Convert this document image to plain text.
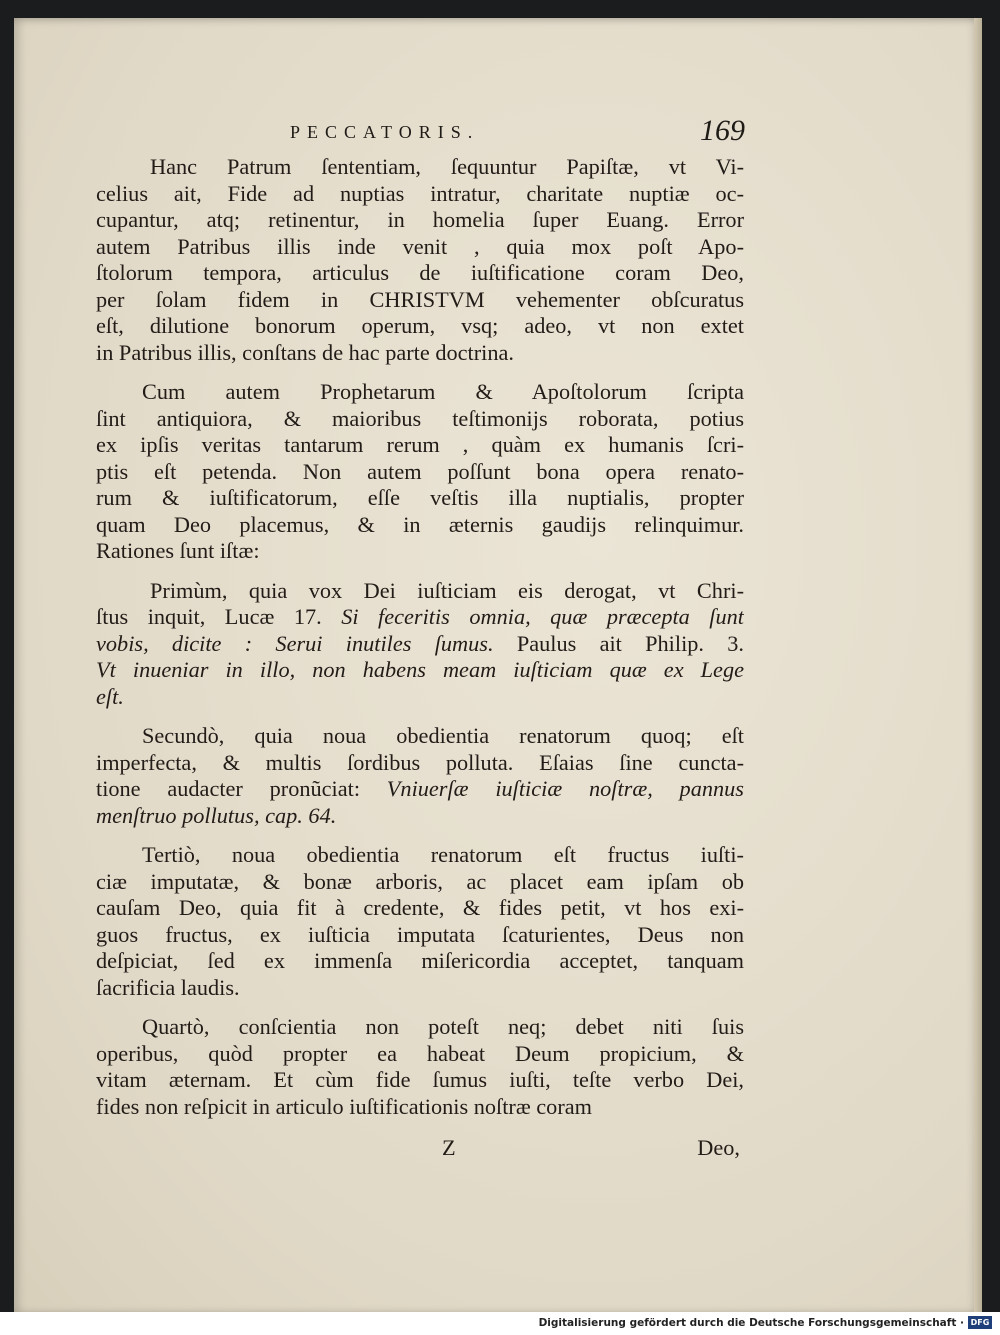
PECCATORIS.	169
Hanc Patrum ſententiam, ſequuntur Papiſtæ, vt Vi-
celius ait, Fide ad nuptias intratur, charitate nuptiæ oc-
cupantur, atq; retinentur, in homelia ſuper Euang. Error
autem Patribus illis inde venit , quia mox poſt Apo-
ſtolorum tempora, articulus de iuſtificatione coram Deo,
per ſolam fidem in CHRISTVM vehementer obſcuratus
eſt, dilutione bonorum operum, vsq; adeo, vt non extet
in Patribus illis, conſtans de hac parte doctrina.
Cum autem Prophetarum & Apoſtolorum ſcripta
ſint antiquiora, & maioribus teſtimonijs roborata, potius
ex ipſis veritas tantarum rerum , quàm ex humanis ſcri-
ptis eſt petenda. Non autem poſſunt bona opera renato-
rum & iuſtificatorum, eſſe veſtis illa nuptialis, propter
quam Deo placemus, & in æternis gaudijs relinquimur.
Rationes ſunt iſtæ:
Primùm, quia vox Dei iuſticiam eis derogat, vt Chri-
ſtus inquit, Lucæ 17. Si feceritis omnia, quæ præcepta ſunt
vobis, dicite : Serui inutiles ſumus. Paulus ait Philip. 3.
Vt inueniar in illo, non habens meam iuſticiam quæ ex Lege
eſt.
Secundò, quia noua obedientia renatorum quoq; eſt
imperfecta, & multis ſordibus polluta. Eſaias ſine cuncta-
tione audacter pronũciat: Vniuerſæ iuſticiæ noſtræ, pannus
menſtruo pollutus, cap. 64.
Tertiò, noua obedientia renatorum eſt fructus iuſti-
ciæ imputatæ, & bonæ arboris, ac placet eam ipſam ob
cauſam Deo, quia fit à credente, & fides petit, vt hos exi-
guos fructus, ex iuſticia imputata ſcaturientes, Deus non
deſpiciat, ſed ex immenſa miſericordia acceptet, tanquam
ſacrificia laudis.
Quartò, conſcientia non poteſt neq; debet niti ſuis
operibus, quòd propter ea habeat Deum propicium, &
vitam æternam. Et cùm fide ſumus iuſti, teſte verbo Dei,
fides non reſpicit in articulo iuſtificationis noſtræ coram
Z	Deo,
Digitalisierung gefördert durch die Deutsche Forschungsgemeinschaft · DFG
